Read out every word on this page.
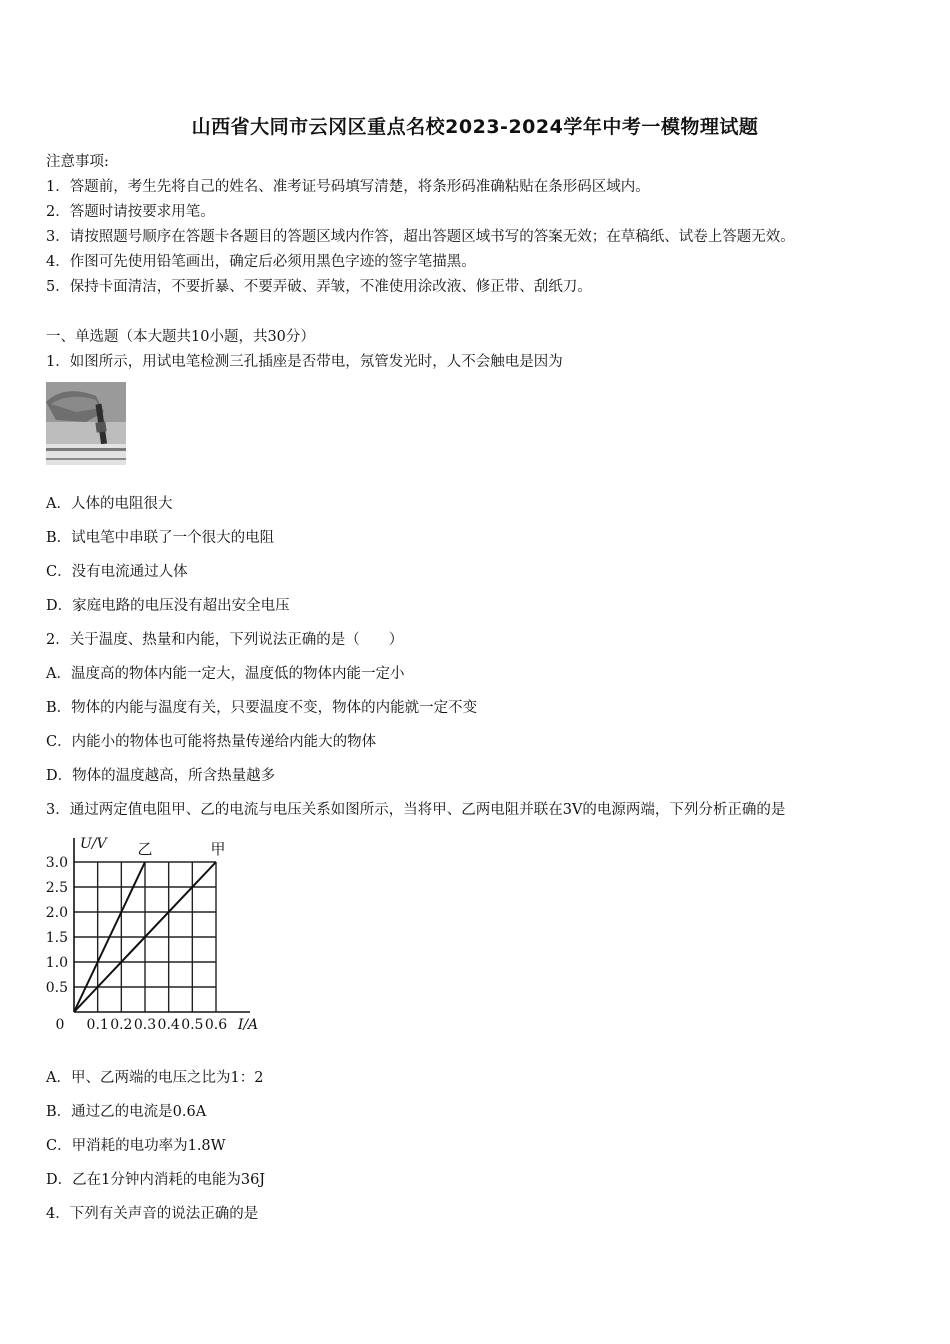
山西省大同市云冈区重点名校2023-2024学年中考一模物理试题
注意事项:
1．答题前，考生先将自己的姓名、准考证号码填写清楚，将条形码准确粘贴在条形码区域内。
2．答题时请按要求用笔。
3．请按照题号顺序在答题卡各题目的答题区域内作答，超出答题区域书写的答案无效；在草稿纸、试卷上答题无效。
4．作图可先使用铅笔画出，确定后必须用黑色字迹的签字笔描黑。
5．保持卡面清洁，不要折暴、不要弄破、弄皱，不准使用涂改液、修正带、刮纸刀。
一、单选题（本大题共10小题，共30分）
1．如图所示，用试电笔检测三孔插座是否带电，氖管发光时，人不会触电是因为
A．人体的电阻很大
B．试电笔中串联了一个很大的电阻
C．没有电流通过人体
D．家庭电路的电压没有超出安全电压
2．关于温度、热量和内能，下列说法正确的是（　　）
A．温度高的物体内能一定大，温度低的物体内能一定小
B．物体的内能与温度有关，只要温度不变，物体的内能就一定不变
C．内能小的物体也可能将热量传递给内能大的物体
D．物体的温度越高，所含热量越多
3．通过两定值电阻甲、乙的电流与电压关系如图所示，当将甲、乙两电阻并联在3V的电源两端，下列分析正确的是
0.1 0.2 0.3 0.4 0.5 0.6
0.5
1.0
1.5
2.0
2.5
3.0
0	I/A
U/V 乙	甲
A．甲、乙两端的电压之比为1：2
B．通过乙的电流是0.6A
C．甲消耗的电功率为1.8W
D．乙在1分钟内消耗的电能为36J
4．下列有关声音的说法正确的是
